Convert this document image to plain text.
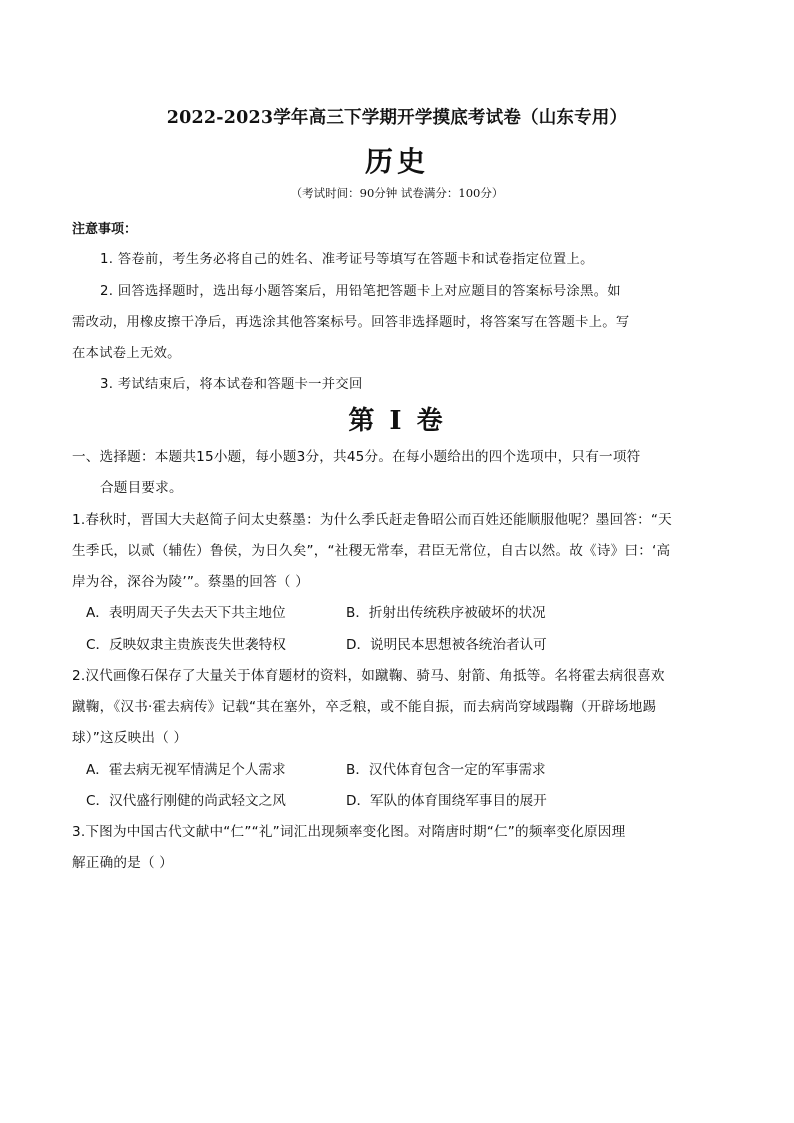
2022-2023学年高三下学期开学摸底考试卷（山东专用）
历史
（考试时间：90分钟 试卷满分：100分）
注意事项：
1. 答卷前，考生务必将自己的姓名、准考证号等填写在答题卡和试卷指定位置上。
2. 回答选择题时，选出每小题答案后，用铅笔把答题卡上对应题目的答案标号涂黑。如
需改动，用橡皮擦干净后，再选涂其他答案标号。回答非选择题时，将答案写在答题卡上。写
在本试卷上无效。
3. 考试结束后，将本试卷和答题卡一并交回
第 I 卷
一、选择题：本题共15小题，每小题3分，共45分。在每小题给出的四个选项中，只有一项符
合题目要求。
1.春秋时，晋国大夫赵简子问太史蔡墨：为什么季氏赶走鲁昭公而百姓还能顺服他呢？墨回答：“天
生季氏，以贰（辅佐）鲁侯，为日久矣”，“社稷无常奉，君臣无常位，自古以然。故《诗》曰：‘高
岸为谷，深谷为陵’”。蔡墨的回答（ ）
A．表明周天子失去天下共主地位	B．折射出传统秩序被破坏的状况
C．反映奴隶主贵族丧失世袭特权	D．说明民本思想被各统治者认可
2.汉代画像石保存了大量关于体育题材的资料，如蹴鞠、骑马、射箭、角抵等。名将霍去病很喜欢
蹴鞠，《汉书·霍去病传》记载“其在塞外，卒乏粮，或不能自振，而去病尚穿域蹋鞠（开辟场地踢
球）”这反映出（ ）
A．霍去病无视军情满足个人需求	B．汉代体育包含一定的军事需求
C．汉代盛行刚健的尚武轻文之风	D．军队的体育围绕军事目的展开
3.下图为中国古代文献中“仁”“礼”词汇出现频率变化图。对隋唐时期“仁”的频率变化原因理
解正确的是（ ）
